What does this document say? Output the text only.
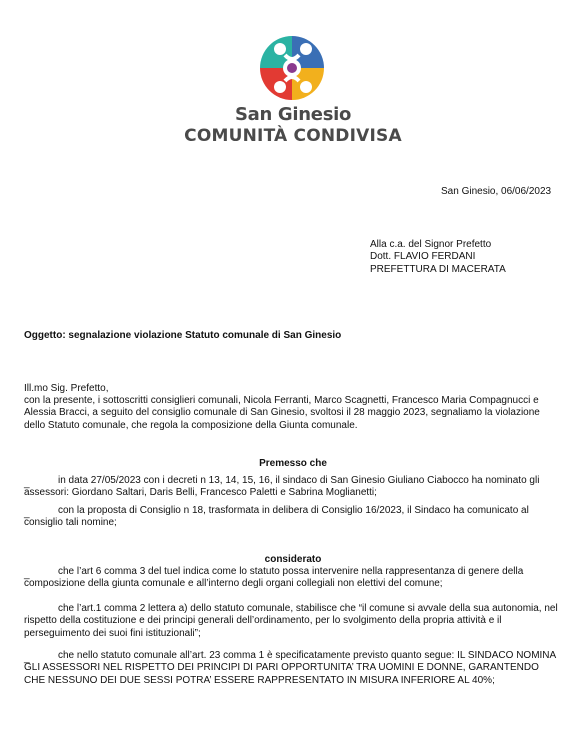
San Ginesio
COMUNITÀ CONDIVISA
San Ginesio, 06/06/2023
Alla c.a. del Signor Prefetto
Dott. FLAVIO FERDANI
PREFETTURA DI MACERATA
Oggetto: segnalazione violazione Statuto comunale di San Ginesio
Ill.mo Sig. Prefetto,
con la presente, i sottoscritti consiglieri comunali, Nicola Ferranti, Marco Scagnetti, Francesco Maria Compagnucci e Alessia Bracci, a seguito del consiglio comunale di San Ginesio, svoltosi il 28 maggio 2023, segnaliamo la violazione dello Statuto comunale, che regola la composizione della Giunta comunale.
Premesso che
_	in data 27/05/2023 con i decreti n 13, 14, 15, 16, il sindaco di San Ginesio Giuliano Ciabocco ha nominato gli assessori: Giordano Saltari, Daris Belli, Francesco Paletti e Sabrina Moglianetti;
_	con la proposta di Consiglio n 18, trasformata in delibera di Consiglio 16/2023, il Sindaco ha comunicato al consiglio tali nomine;
considerato
_	che l’art 6 comma 3 del tuel indica come lo statuto possa intervenire nella rappresentanza di genere della composizione della giunta comunale e all’interno degli organi collegiali non elettivi del comune;
che l’art.1 comma 2 lettera a) dello statuto comunale, stabilisce che “il comune si avvale della sua autonomia, nel rispetto della costituzione e dei principi generali dell’ordinamento, per lo svolgimento della propria attività e il perseguimento dei suoi fini istituzionali”;
_	che nello statuto comunale all’art. 23 comma 1 è specificatamente previsto quanto segue: IL SINDACO NOMINA GLI ASSESSORI NEL RISPETTO DEI PRINCIPI DI PARI OPPORTUNITA’ TRA UOMINI E DONNE, GARANTENDO CHE NESSUNO DEI DUE SESSI POTRA’ ESSERE RAPPRESENTATO IN MISURA INFERIORE AL 40%;
